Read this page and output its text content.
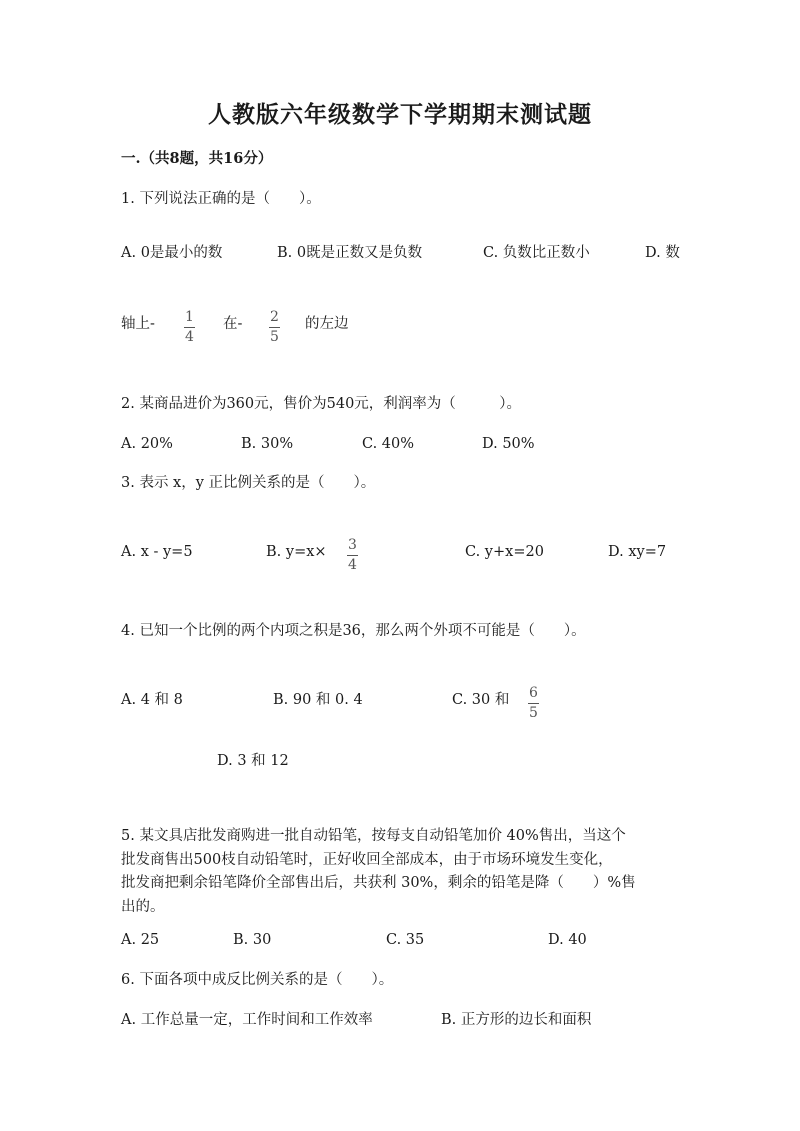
人教版六年级数学下学期期末测试题
一.（共8题，共16分）
1. 下列说法正确的是（　　）。
A. 0是最小的数	B. 0既是正数又是负数	C. 负数比正数小	D. 数
轴上- 1
4
在- 2
5
的左边
2. 某商品进价为360元，售价为540元，利润率为（　　　）。
A. 20%	B. 30%	C. 40%	D. 50%
3. 表示 x，y 正比例关系的是（　　）。
A. x - y=5	B. y=x× 3
4
C. y+x=20	D. xy=7
4. 已知一个比例的两个内项之积是36，那么两个外项不可能是（　　）。
A. 4 和 8	B. 90 和 0. 4	C. 30 和 6
5
D. 3 和 12
5. 某文具店批发商购进一批自动铅笔，按每支自动铅笔加价 40%售出，当这个
批发商售出500枝自动铅笔时，正好收回全部成本，由于市场环境发生变化，
批发商把剩余铅笔降价全部售出后，共获利 30%，剩余的铅笔是降（　　）%售
出的。
A. 25	B. 30	C. 35	D. 40
6. 下面各项中成反比例关系的是（　　）。
A. 工作总量一定，工作时间和工作效率	B. 正方形的边长和面积
